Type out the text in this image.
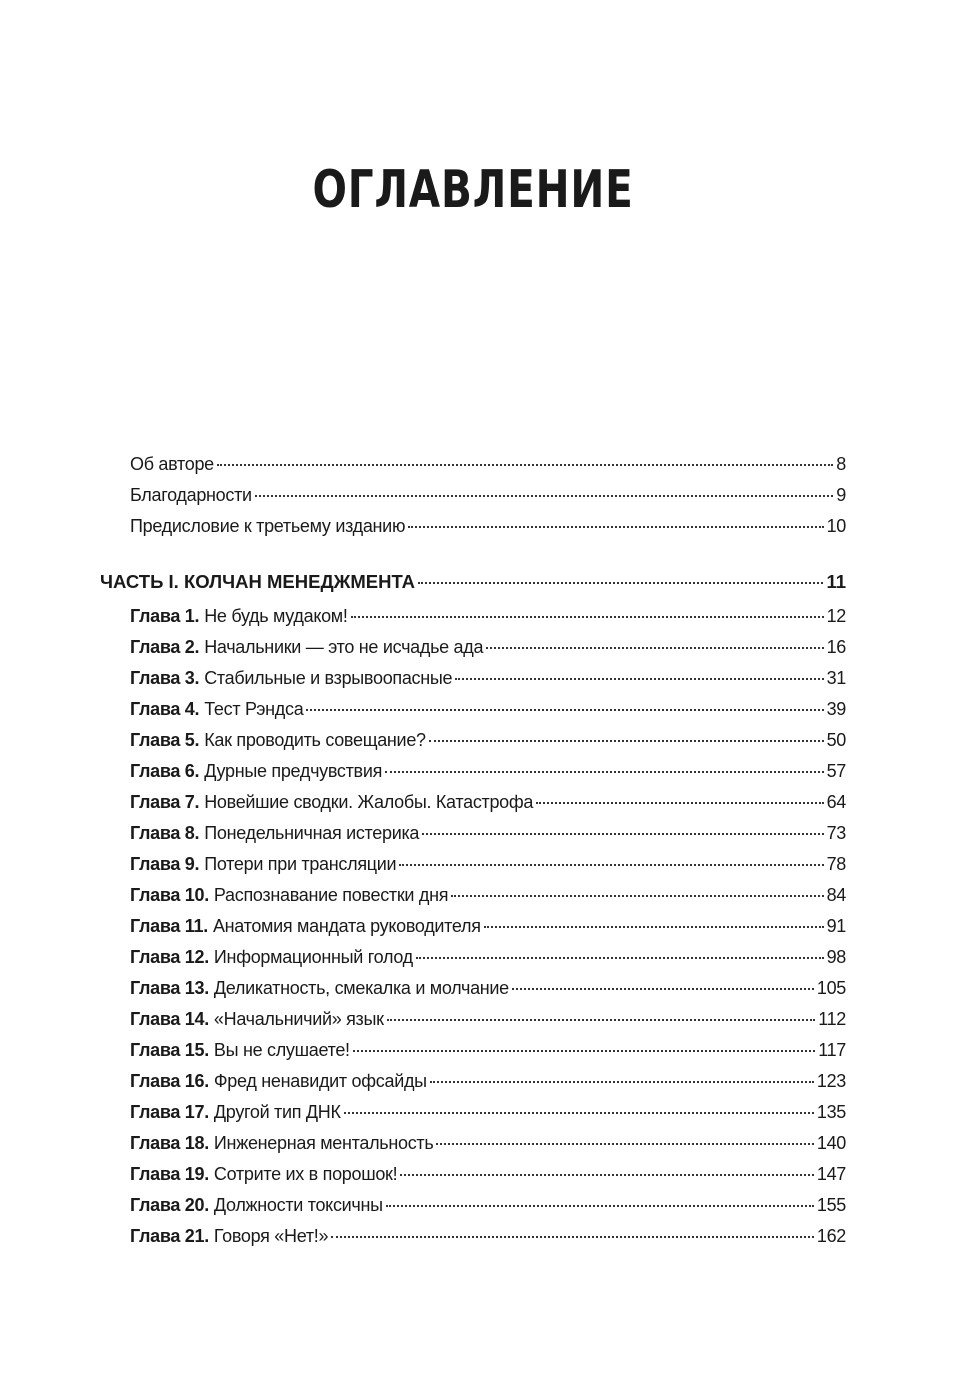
ОГЛАВЛЕНИЕ
Об авторе	8
Благодарности	9
Предисловие к третьему изданию	10
ЧАСТЬ I. КОЛЧАН МЕНЕДЖМЕНТА	11
Глава 1. Не будь мудаком!	12
Глава 2. Начальники — это не исчадье ада	16
Глава 3. Стабильные и взрывоопасные	31
Глава 4. Тест Рэндса	39
Глава 5. Как проводить совещание?	50
Глава 6. Дурные предчувствия	57
Глава 7. Новейшие сводки. Жалобы. Катастрофа	64
Глава 8. Понедельничная истерика	73
Глава 9. Потери при трансляции	78
Глава 10. Распознавание повестки дня	84
Глава 11. Анатомия мандата руководителя	91
Глава 12. Информационный голод	98
Глава 13. Деликатность, смекалка и молчание	105
Глава 14. «Начальничий» язык	112
Глава 15. Вы не слушаете!	117
Глава 16. Фред ненавидит офсайды	123
Глава 17. Другой тип ДНК	135
Глава 18. Инженерная ментальность	140
Глава 19. Сотрите их в порошок!	147
Глава 20. Должности токсичны	155
Глава 21. Говоря «Нет!»	162
